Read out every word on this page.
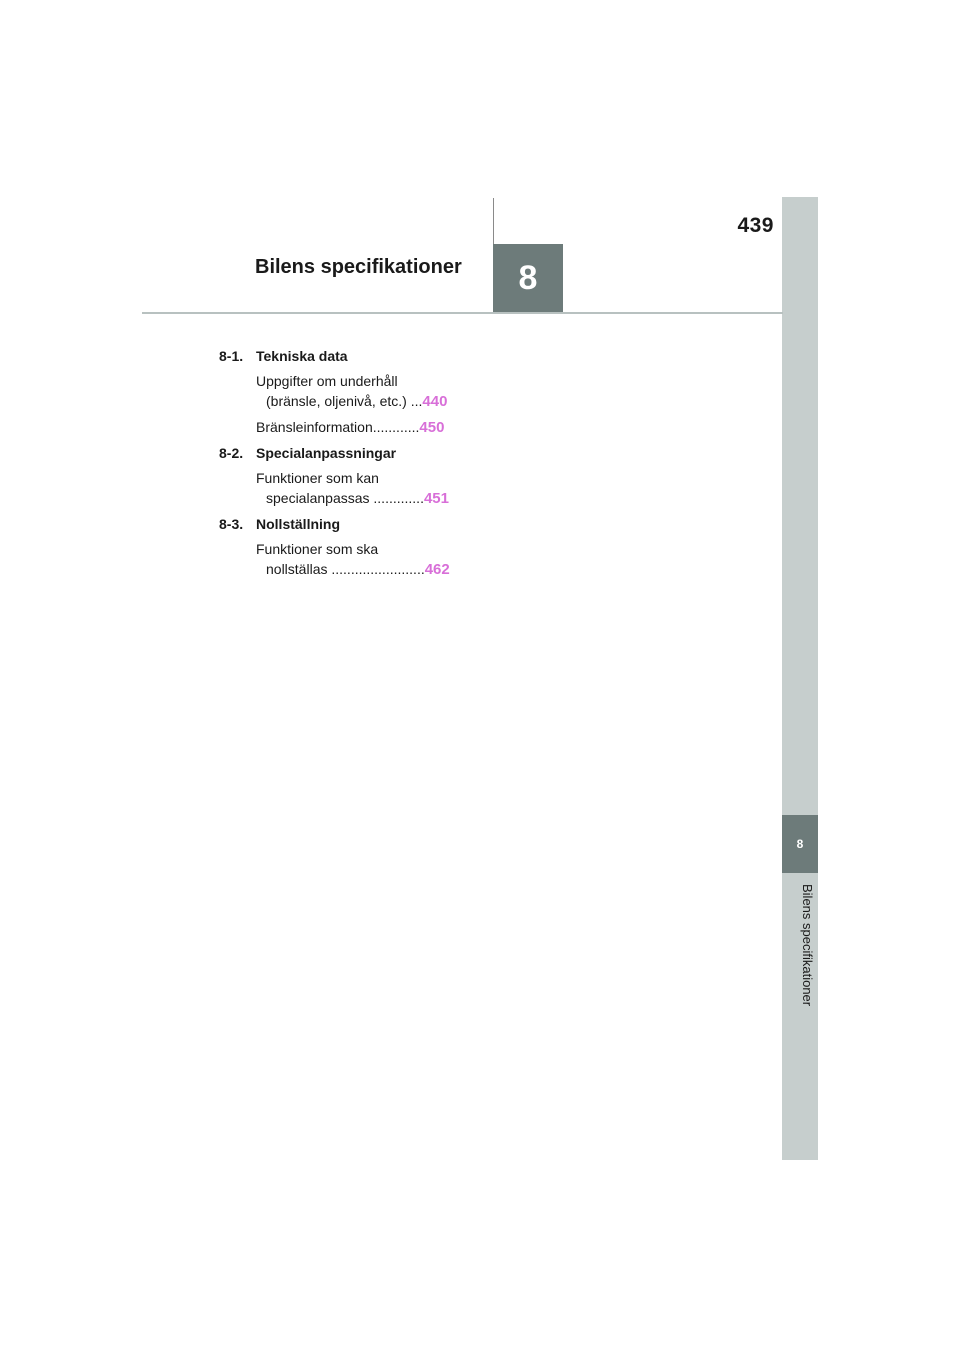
8
Bilens specifikationer
439
Bilens specifikationer	8
8-1. Tekniska data
Uppgifter om underhåll
(bränsle, oljenivå, etc.) ...440
Bränsleinformation............450
8-2. Specialanpassningar
Funktioner som kan
specialanpassas .............451
8-3. Nollställning
Funktioner som ska
nollställas ........................462
